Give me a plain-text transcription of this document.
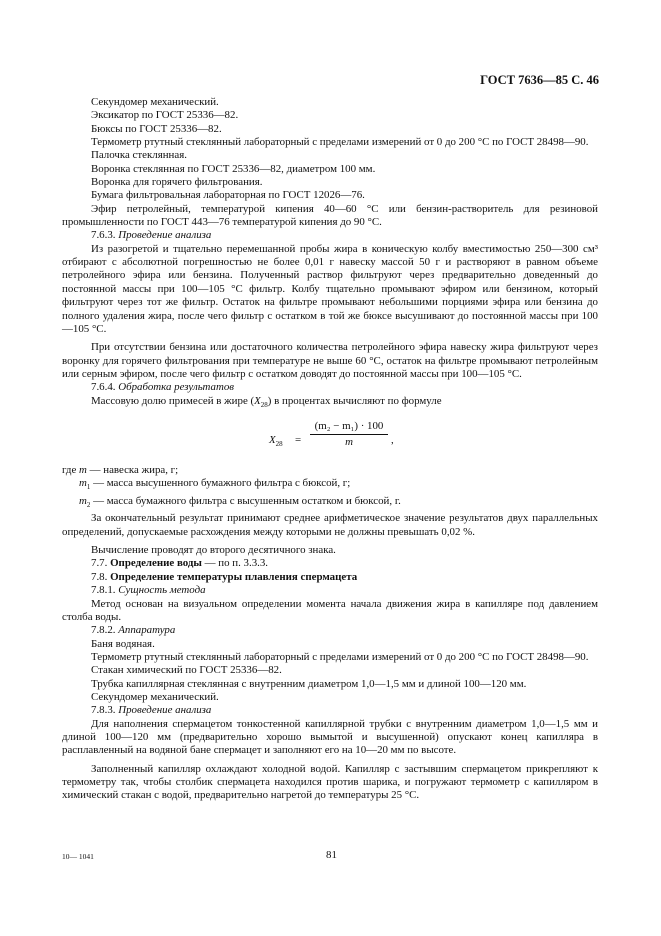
ГОСТ 7636—85 С. 46

Секундомер механический.

Эксикатор по ГОСТ 25336—82.

Бюксы по ГОСТ 25336—82.

Термометр ртутный стеклянный лабораторный с пределами измерений от 0 до 200 °С по ГОСТ 28498—90.

Палочка стеклянная.

Воронка стеклянная по ГОСТ 25336—82, диаметром 100 мм.

Воронка для горячего фильтрования.

Бумага фильтровальная лабораторная по ГОСТ 12026—76.

Эфир петролейный, температурой кипения 40—60 °С или бензин-растворитель для резиновой промышленности по ГОСТ 443—76 температурой кипения до 90 °С.

7.6.3. Проведение анализа

Из разогретой и тщательно перемешанной пробы жира в коническую колбу вместимостью 250—300 см³ отбирают с абсолютной погрешностью не более 0,01 г навеску массой 50 г и растворяют в равном объеме петролейного эфира или бензина. Полученный раствор фильтруют через предварительно доведенный до постоянной массы при 100—105 °С фильтр. Колбу тщательно промывают эфиром или бензином, который фильтруют через тот же фильтр. Остаток на фильтре промывают небольшими порциями эфира или бензина до полного удаления жира, после чего фильтр с остатком в той же бюксе высушивают до постоянной массы при 100—105 °С.

При отсутствии бензина или достаточного количества петролейного эфира навеску жира фильтруют через воронку для горячего фильтрования при температуре не выше 60 °С, остаток на фильтре промывают петролейным или серным эфиром, после чего фильтр с остатком доводят до постоянной массы при 100—105 °С.

7.6.4. Обработка результатов

Массовую долю примесей в жире $(X_{28})$ в процентах вычисляют по формуле

$X_{28} = \frac{\text{(m₂ − m₁) · 100}}{m}$ ,

где m — навеска жира, г;

$m_1$ — масса высушенного бумажного фильтра с бюксой, г;

$m_2$ — масса бумажного фильтра с высушенным остатком и бюксой, г.

За окончательный результат принимают среднее арифметическое значение результатов двух параллельных определений, допускаемые расхождения между которыми не должны превышать 0,02 %.

Вычисление проводят до второго десятичного знака.

7.7. Определение воды — по п. 3.3.3.

7.8. Определение температуры плавления спермацета

7.8.1. Сущность метода

Метод основан на визуальном определении момента начала движения жира в капилляре под давлением столба воды.

7.8.2. Аппаратура

Баня водяная.

Термометр ртутный стеклянный лабораторный с пределами измерений от 0 до 200 °С по ГОСТ 28498—90.

Стакан химический по ГОСТ 25336—82.

Трубка капиллярная стеклянная с внутренним диаметром 1,0—1,5 мм и длиной 100—120 мм.

Секундомер механический.

7.8.3. Проведение анализа

Для наполнения спермацетом тонкостенной капиллярной трубки с внутренним диаметром 1,0—1,5 мм и длиной 100—120 мм (предварительно хорошо вымытой и высушенной) опускают конец капилляра в расплавленный на водяной бане спермацет и заполняют его на 10—20 мм по высоте.

Заполненный капилляр охлаждают холодной водой. Капилляр с застывшим спермацетом прикрепляют к термометру так, чтобы столбик спермацета находился против шарика, и погружают термометр с капилляром в химический стакан с водой, предварительно нагретой до температуры 25 °С.

10— 1041	81
